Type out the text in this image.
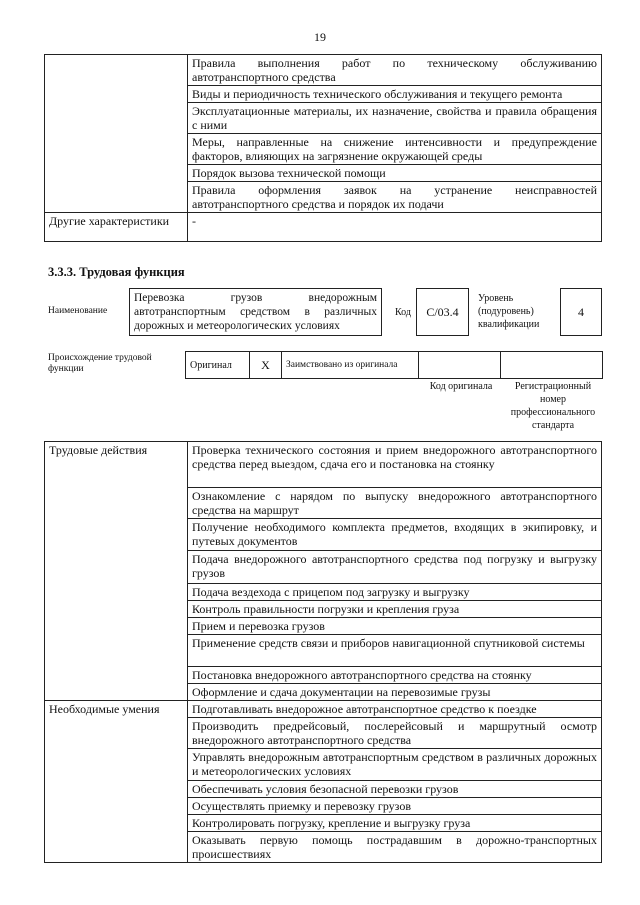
19
	Правила выполнения работ по техническому обслуживанию автотранспортного средства
	Виды и периодичность технического обслуживания и текущего ремонта
	Эксплуатационные материалы, их назначение, свойства и правила обращения с ними
	Меры, направленные на снижение интенсивности и предупреждение факторов, влияющих на загрязнение окружающей среды
	Порядок вызова технической помощи
	Правила оформления заявок на устранение неисправностей автотранспортного средства и порядок их подачи
Другие характеристики	-
3.3.3. Трудовая функция
Наименование
Перевозка грузов внедорожным автотранспортным средством в различных дорожных и метеорологических условиях
Код	C/03.4
Уровень (подуровень) квалификации
4
Происхождение трудовой функции	Оригинал	X	Заимствовано из оригинала		
Код оригинала	Регистрационный номер профессионального стандарта
Трудовые действия	Проверка технического состояния и прием внедорожного автотранспортного средства перед выездом, сдача его и постановка на стоянку
	Ознакомление с нарядом по выпуску внедорожного автотранспортного средства на маршрут
	Получение необходимого комплекта предметов, входящих в экипировку, и путевых документов
	Подача внедорожного автотранспортного средства под погрузку и выгрузку грузов
	Подача вездехода с прицепом под загрузку и выгрузку
	Контроль правильности погрузки и крепления груза
	Прием и перевозка грузов
	Применение средств связи и приборов навигационной спутниковой системы
	Постановка внедорожного автотранспортного средства на стоянку
	Оформление и сдача документации на перевозимые грузы
Необходимые умения	Подготавливать внедорожное автотранспортное средство к поездке
	Производить предрейсовый, послерейсовый и маршрутный осмотр внедорожного автотранспортного средства
	Управлять внедорожным автотранспортным средством в различных дорожных и метеорологических условиях
	Обеспечивать условия безопасной перевозки грузов
	Осуществлять приемку и перевозку грузов
	Контролировать погрузку, крепление и выгрузку груза
	Оказывать первую помощь пострадавшим в дорожно-транспортных происшествиях
